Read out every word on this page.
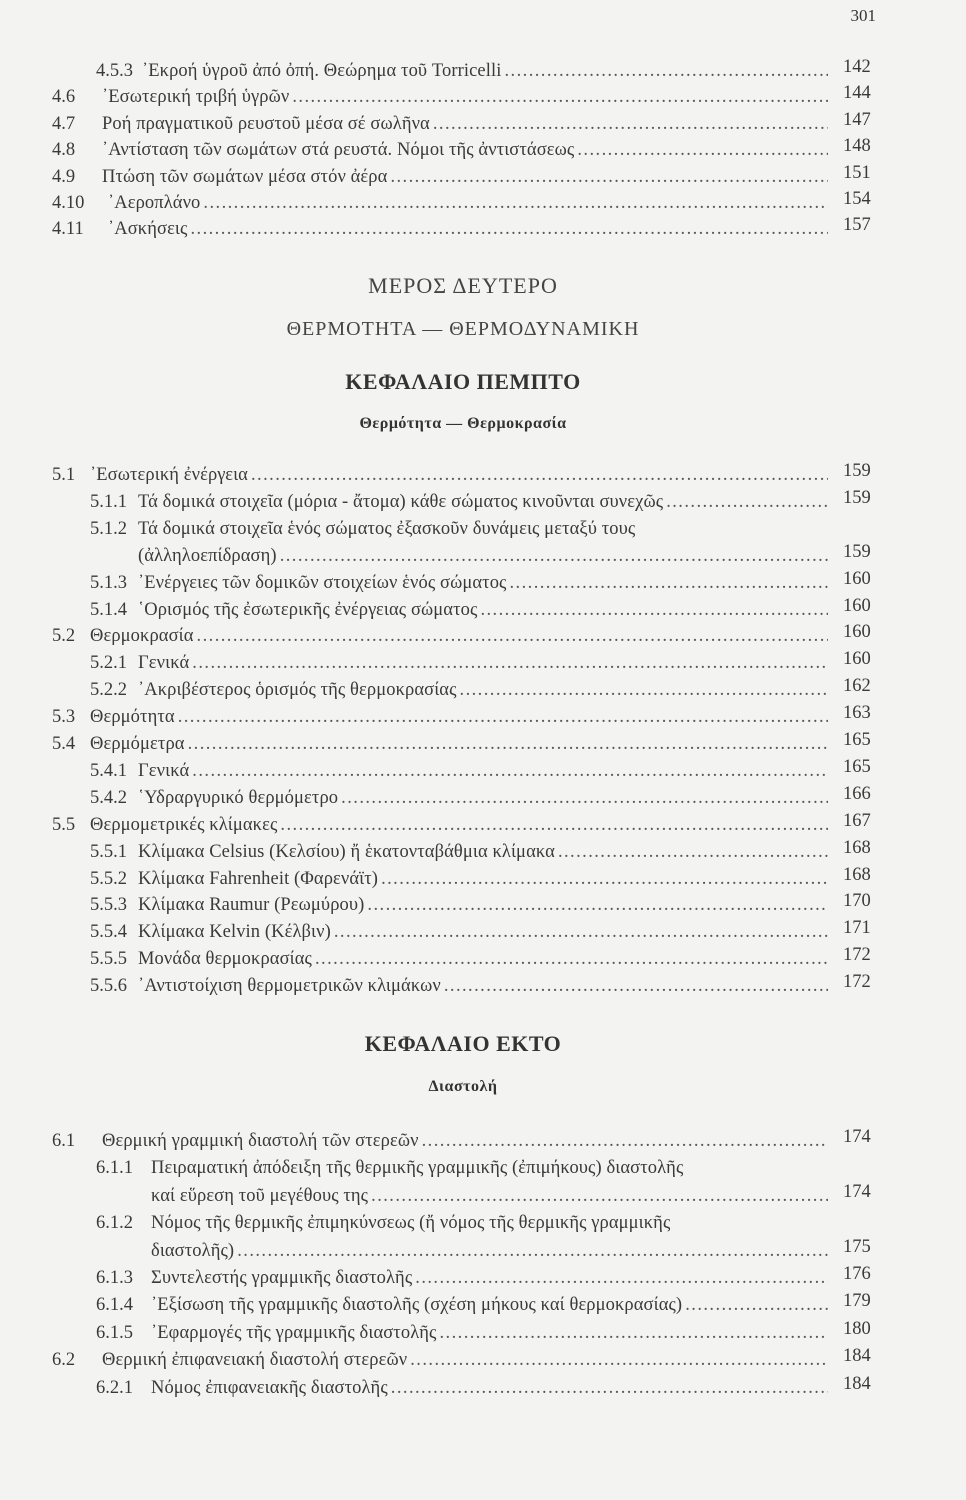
301
4.5.3 ᾿Εκροή ὑγροῦ ἀπό ὀπή. Θεώρημα τοῦ Torricelli . . .	142
4.6 ᾿Εσωτερική τριβή ὑγρῶν . . .	144
4.7 Ροή πραγματικοῦ ρευστοῦ μέσα σέ σωλῆνα . . .	147
4.8 ᾿Αντίσταση τῶν σωμάτων στά ρευστά. Νόμοι τῆς ἀντιστάσεως . . .	148
4.9 Πτώση τῶν σωμάτων μέσα στόν ἀέρα . . .	151
4.10 ᾿Αεροπλάνο . . .	154
4.11 ᾿Ασκήσεις . . .	157
ΜΕΡΟΣ ΔΕΥΤΕΡΟ
ΘΕΡΜΟΤΗΤΑ — ΘΕΡΜΟΔΥΝΑΜΙΚΗ
ΚΕΦΑΛΑΙΟ ΠΕΜΠΤΟ
Θερμότητα — Θερμοκρασία
5.1 ᾿Εσωτερική ἐνέργεια . . .	159
5.1.1 Τά δομικά στοιχεῖα (μόρια - ἄτομα) κάθε σώματος κινοῦνται συνεχῶς . . .	159
5.1.2 Τά δομικά στοιχεῖα ἑνός σώματος ἐξασκοῦν δυνάμεις μεταξύ τους
(ἀλληλοεπίδραση) . . .	159
5.1.3 ᾿Ενέργειες τῶν δομικῶν στοιχείων ἑνός σώματος . . .	160
5.1.4 ῾Ορισμός τῆς ἐσωτερικῆς ἐνέργειας σώματος . . .	160
5.2 Θερμοκρασία . . .	160
5.2.1 Γενικά . . .	160
5.2.2 ᾿Ακριβέστερος ὁρισμός τῆς θερμοκρασίας . . .	162
5.3 Θερμότητα . . .	163
5.4 Θερμόμετρα . . .	165
5.4.1 Γενικά . . .	165
5.4.2 ῾Υδραργυρικό θερμόμετρο . . .	166
5.5 Θερμομετρικές κλίμακες . . .	167
5.5.1 Κλίμακα Celsius (Κελσίου) ἤ ἑκατονταβάθμια κλίμακα . . .	168
5.5.2 Κλίμακα Fahrenheit (Φαρενάϊτ) . . .	168
5.5.3 Κλίμακα Raumur (Ρεωμύρου) . . .	170
5.5.4 Κλίμακα Kelvin (Κέλβιν) . . .	171
5.5.5 Μονάδα θερμοκρασίας . . .	172
5.5.6 ᾿Αντιστοίχιση θερμομετρικῶν κλιμάκων . . .	172
ΚΕΦΑΛΑΙΟ ΕΚΤΟ
Διαστολή
6.1 Θερμική γραμμική διαστολή τῶν στερεῶν . . .	174
6.1.1 Πειραματική ἀπόδειξη τῆς θερμικῆς γραμμικῆς (ἐπιμήκους) διαστολῆς
καί εὕρεση τοῦ μεγέθους της . . .	174
6.1.2 Νόμος τῆς θερμικῆς ἐπιμηκύνσεως (ἤ νόμος τῆς θερμικῆς γραμμικῆς
διαστολῆς) . . .	175
6.1.3 Συντελεστής γραμμικῆς διαστολῆς . . .	176
6.1.4 ᾿Εξίσωση τῆς γραμμικῆς διαστολῆς (σχέση μήκους καί θερμοκρασίας) . . .	179
6.1.5 ᾿Εφαρμογές τῆς γραμμικῆς διαστολῆς . . .	180
6.2 Θερμική ἐπιφανειακή διαστολή στερεῶν . . .	184
6.2.1 Νόμος ἐπιφανειακῆς διαστολῆς . . .	184
